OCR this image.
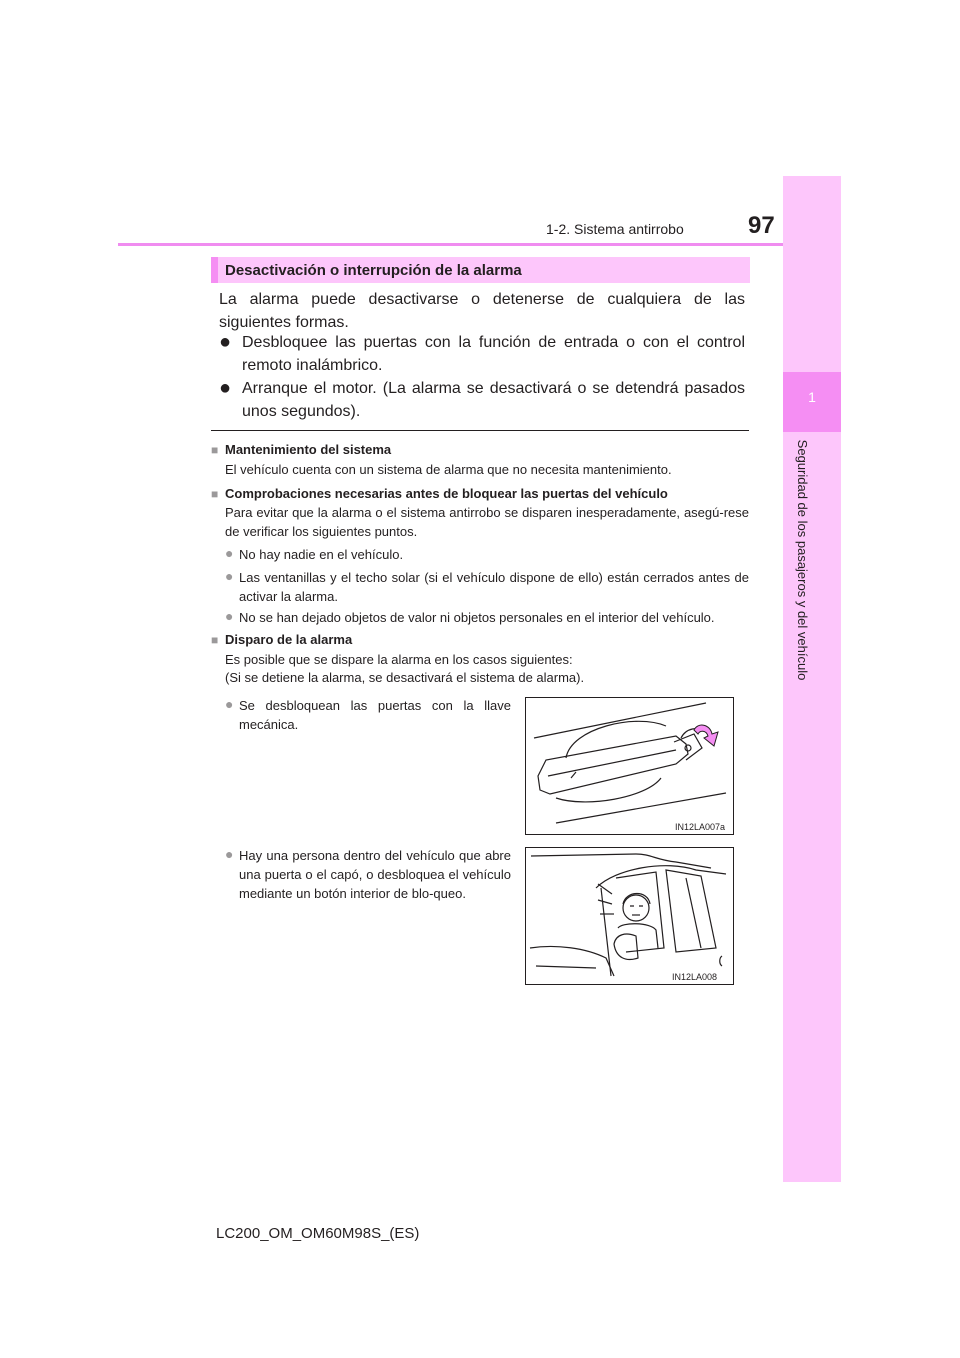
1-2. Sistema antirrobo	97
1
Seguridad de los pasajeros y del vehículo
Desactivación o interrupción de la alarma
La alarma puede desactivarse o detenerse de cualquiera de las siguientes formas.
● Desbloquee las puertas con la función de entrada o con el control remoto inalámbrico.
● Arranque el motor. (La alarma se desactivará o se detendrá pasados unos segundos).
■ Mantenimiento del sistema
El vehículo cuenta con un sistema de alarma que no necesita mantenimiento.
■ Comprobaciones necesarias antes de bloquear las puertas del vehículo
Para evitar que la alarma o el sistema antirrobo se disparen inesperadamente, asegú-rese de verificar los siguientes puntos.
● No hay nadie en el vehículo.
● Las ventanillas y el techo solar (si el vehículo dispone de ello) están cerrados antes de activar la alarma.
● No se han dejado objetos de valor ni objetos personales en el interior del vehículo.
■ Disparo de la alarma
Es posible que se dispare la alarma en los casos siguientes:
(Si se detiene la alarma, se desactivará el sistema de alarma).
● Se desbloquean las puertas con la llave mecánica.
● Hay una persona dentro del vehículo que abre una puerta o el capó, o desbloquea el vehículo mediante un botón interior de blo-queo.
IN12LA007a
IN12LA008
LC200_OM_OM60M98S_(ES)
